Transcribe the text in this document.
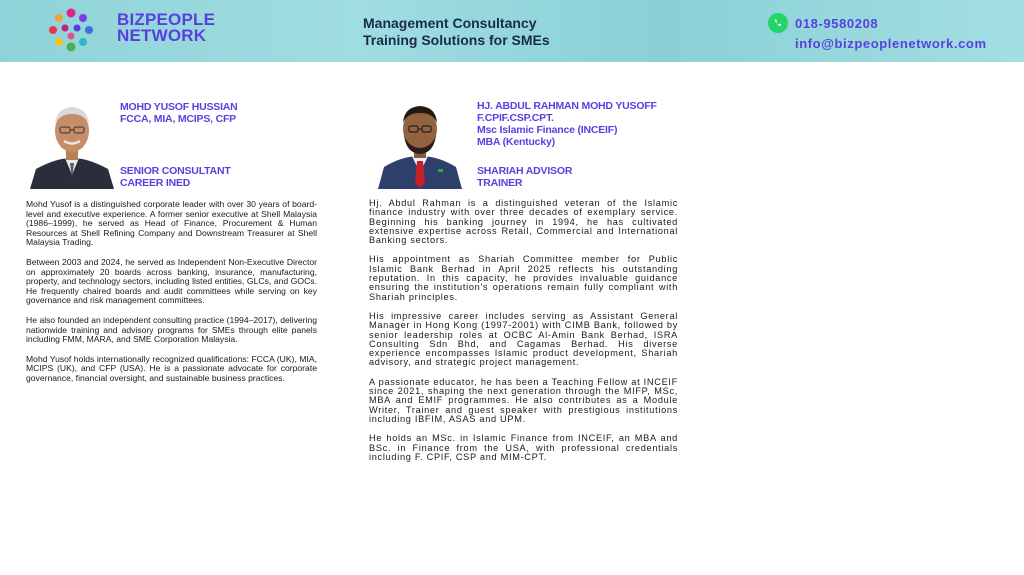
BIZPEOPLE
NETWORK
Management Consultancy
Training Solutions for SMEs
018-9580208
info@bizpeoplenetwork.com
MOHD YUSOF HUSSIAN
FCCA, MIA, MCIPS, CFP
SENIOR CONSULTANT
CAREER INED

Mohd Yusof is a distinguished corporate leader with over 30 years of board-level and executive experience. A former senior executive at Shell Malaysia (1986–1999), he served as Head of Finance, Procurement & Human Resources at Shell Refining Company and Downstream Treasurer at Shell Malaysia Trading.

Between 2003 and 2024, he served as Independent Non-Executive Director on approximately 20 boards across banking, insurance, manufacturing, property, and technology sectors, including listed entities, GLCs, and GOCs. He frequently chaired boards and audit committees while serving on key governance and risk management committees.

He also founded an independent consulting practice (1994–2017), delivering nationwide training and advisory programs for SMEs through elite panels including FMM, MARA, and SME Corporation Malaysia.

Mohd Yusof holds internationally recognized qualifications: FCCA (UK), MIA, MCIPS (UK), and CFP (USA). He is a passionate advocate for corporate governance, financial oversight, and sustainable business practices.

HJ. ABDUL RAHMAN MOHD YUSOFF
F.CPIF.CSP.CPT.
Msc Islamic Finance (INCEIF)
MBA (Kentucky)
SHARIAH ADVISOR
TRAINER

Hj. Abdul Rahman is a distinguished veteran of the Islamic finance industry with over three decades of exemplary service. Beginning his banking journey in 1994, he has cultivated extensive expertise across Retail, Commercial and International Banking sectors.

His appointment as Shariah Committee member for Public Islamic Bank Berhad in April 2025 reflects his outstanding reputation. In this capacity, he provides invaluable guidance ensuring the institution's operations remain fully compliant with Shariah principles.

His impressive career includes serving as Assistant General Manager in Hong Kong (1997-2001) with CIMB Bank, followed by senior leadership roles at OCBC Al-Amin Bank Berhad, ISRA Consulting Sdn Bhd, and Cagamas Berhad. His diverse experience encompasses Islamic product development, Shariah advisory, and strategic project management.

A passionate educator, he has been a Teaching Fellow at INCEIF since 2021, shaping the next generation through the MIFP, MSc, MBA and EMIF programmes. He also contributes as a Module Writer, Trainer and guest speaker with prestigious institutions including IBFIM, ASAS and UPM.

He holds an MSc. in Islamic Finance from INCEIF, an MBA and BSc. in Finance from the USA, with professional credentials including F. CPIF, CSP and MIM-CPT.
